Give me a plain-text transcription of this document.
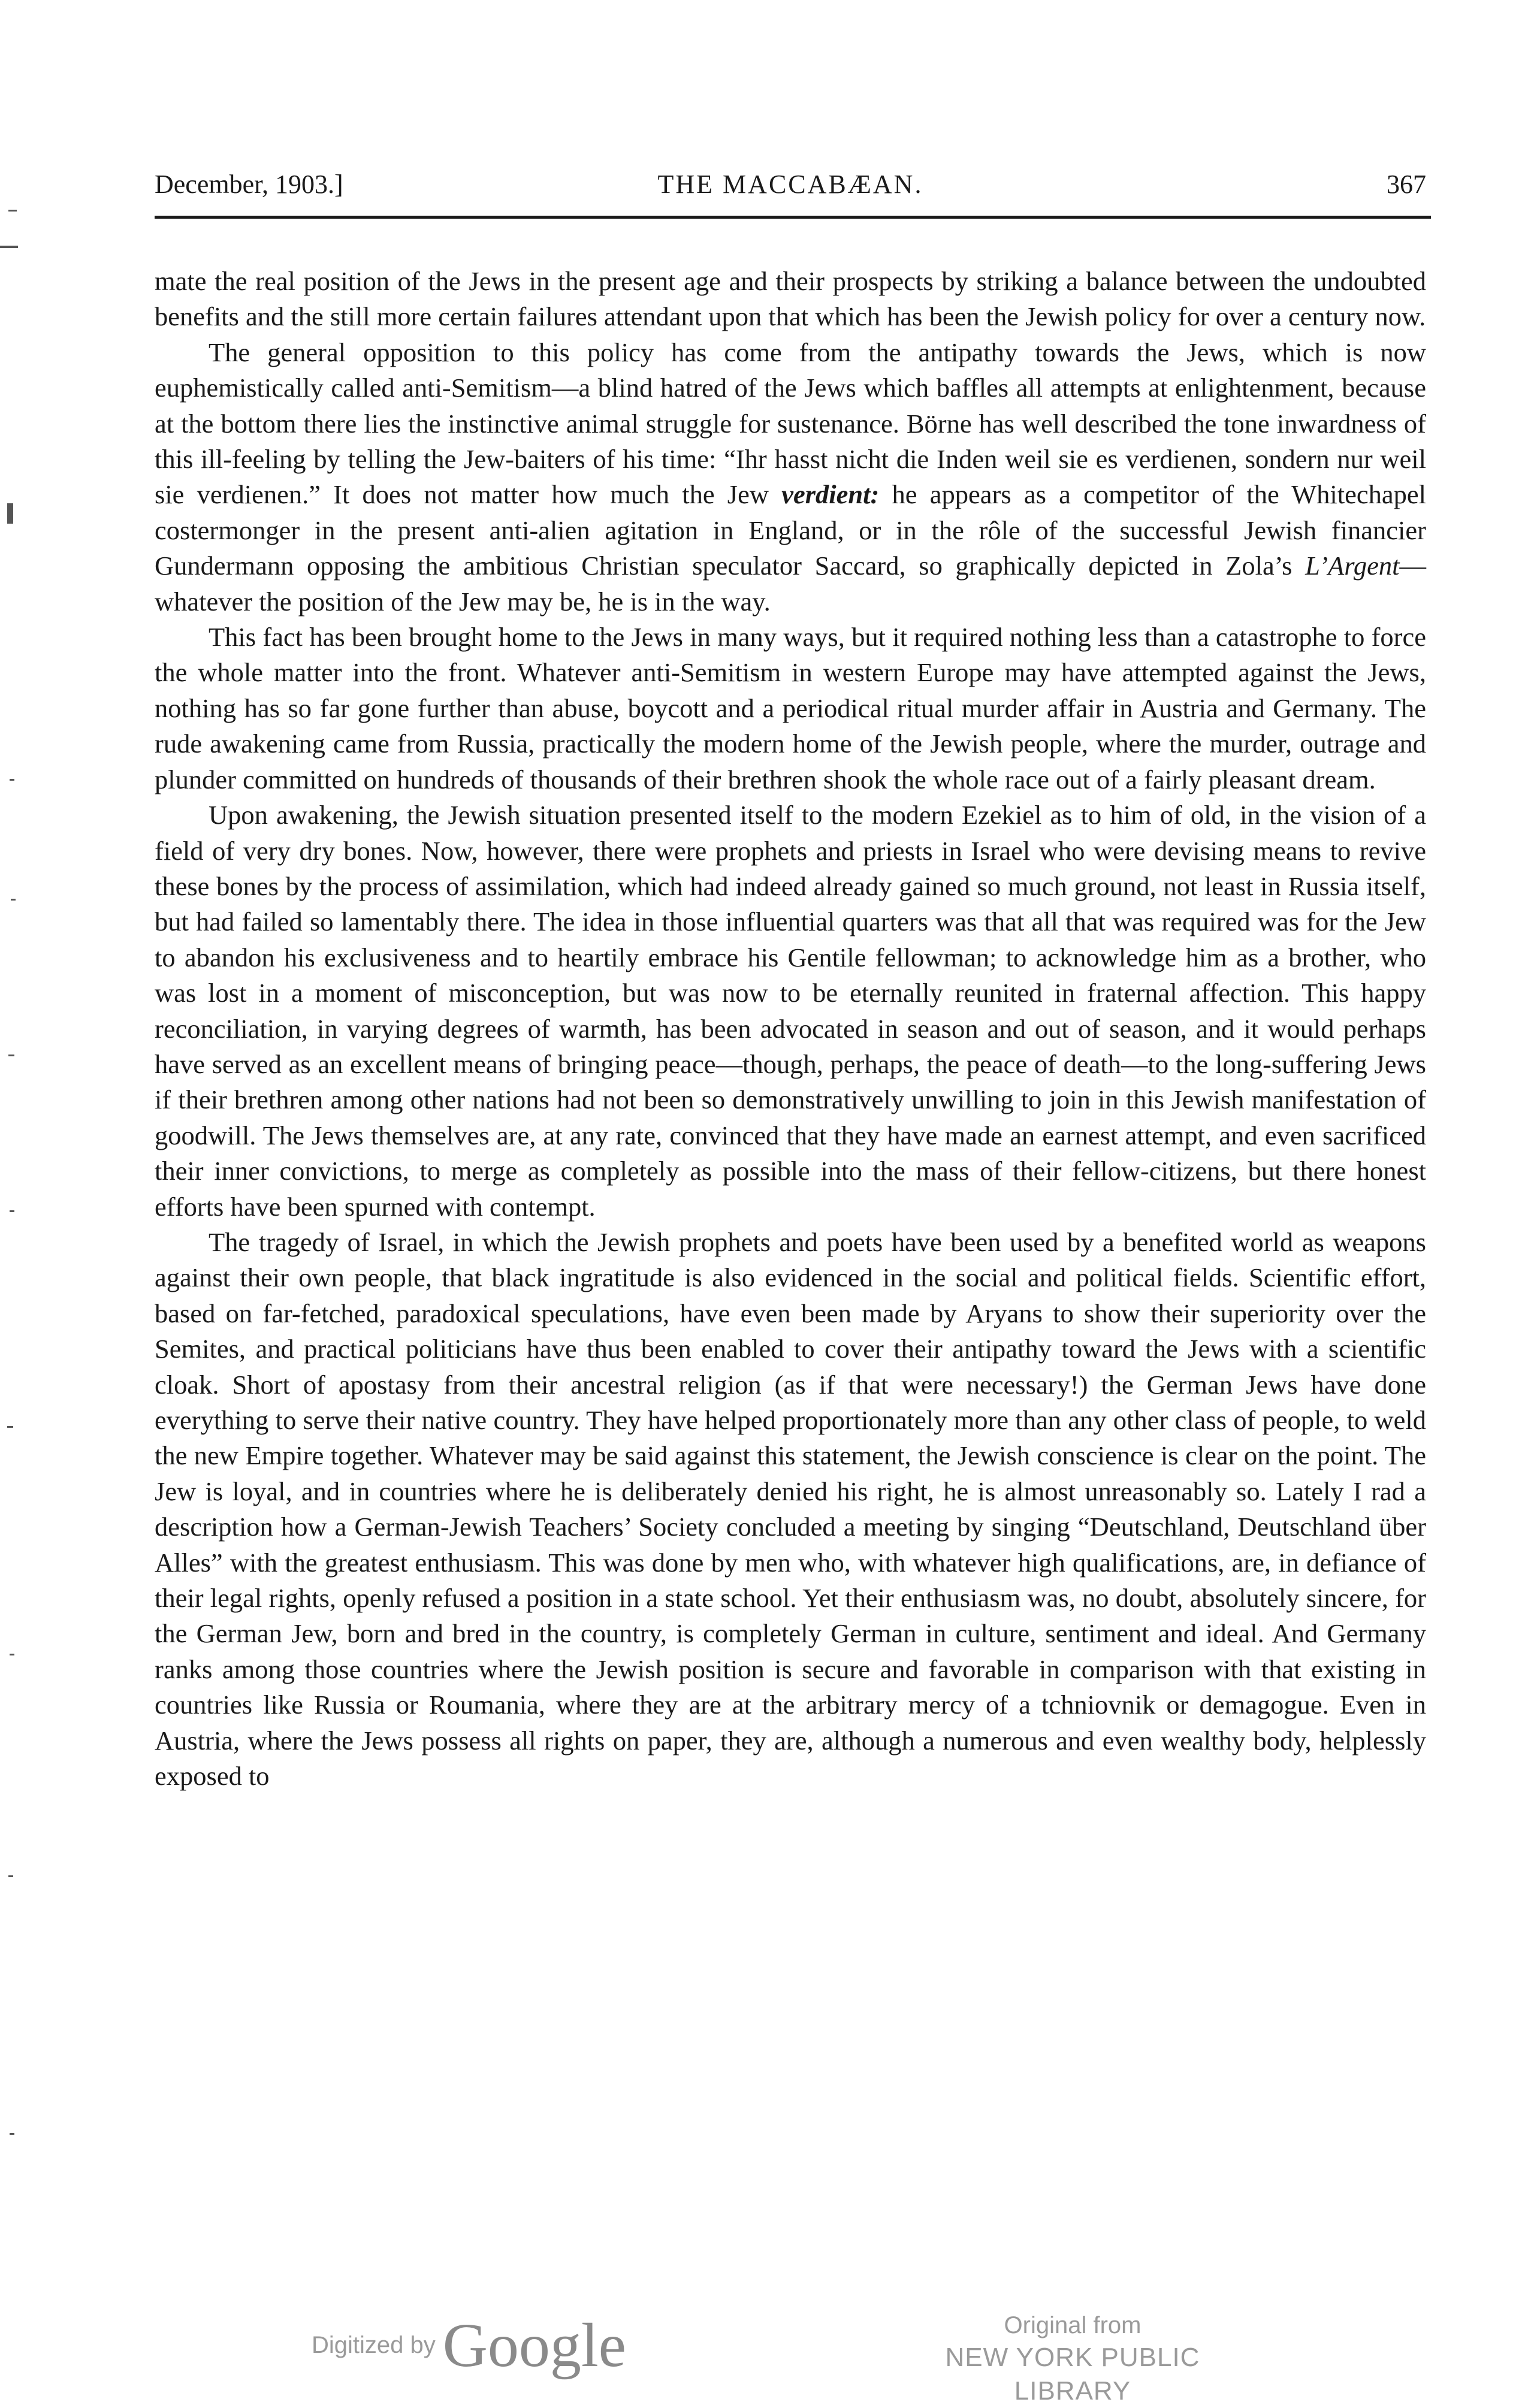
December, 1903.]	THE MACCABÆAN.	367

mate the real position of the Jews in the present age and their prospects by striking a balance between the undoubted benefits and the still more certain failures attendant upon that which has been the Jewish policy for over a century now.

The general opposition to this policy has come from the antipathy towards the Jews, which is now euphemistically called anti-Semitism—a blind hatred of the Jews which baffles all attempts at enlightenment, because at the bottom there lies the instinctive animal struggle for sustenance. Börne has well described the tone inwardness of this ill-feeling by telling the Jew-baiters of his time: “Ihr hasst nicht die Inden weil sie es verdienen, sondern nur weil sie verdienen.” It does not matter how much the Jew verdient: he appears as a competitor of the Whitechapel costermonger in the present anti-alien agitation in England, or in the rôle of the successful Jewish financier Gundermann opposing the ambitious Christian speculator Saccard, so graphically depicted in Zola’s L’Argent—whatever the position of the Jew may be, he is in the way.

This fact has been brought home to the Jews in many ways, but it required nothing less than a catastrophe to force the whole matter into the front. Whatever anti-Semitism in western Europe may have attempted against the Jews, nothing has so far gone further than abuse, boycott and a periodical ritual murder affair in Austria and Germany. The rude awakening came from Russia, practically the modern home of the Jewish people, where the murder, outrage and plunder committed on hundreds of thousands of their brethren shook the whole race out of a fairly pleasant dream.

Upon awakening, the Jewish situation presented itself to the modern Ezekiel as to him of old, in the vision of a field of very dry bones. Now, however, there were prophets and priests in Israel who were devising means to revive these bones by the process of assimilation, which had indeed already gained so much ground, not least in Russia itself, but had failed so lamentably there. The idea in those influential quarters was that all that was required was for the Jew to abandon his exclusiveness and to heartily embrace his Gentile fellowman; to acknowledge him as a brother, who was lost in a moment of misconception, but was now to be eternally reunited in fraternal affection. This happy reconciliation, in varying degrees of warmth, has been advocated in season and out of season, and it would perhaps have served as an excellent means of bringing peace—though, perhaps, the peace of death—to the long-suffering Jews if their brethren among other nations had not been so demonstratively unwilling to join in this Jewish manifestation of goodwill. The Jews themselves are, at any rate, convinced that they have made an earnest attempt, and even sacrificed their inner convictions, to merge as completely as possible into the mass of their fellow-citizens, but there honest efforts have been spurned with contempt.

The tragedy of Israel, in which the Jewish prophets and poets have been used by a benefited world as weapons against their own people, that black ingratitude is also evidenced in the social and political fields. Scientific effort, based on far-fetched, paradoxical speculations, have even been made by Aryans to show their superiority over the Semites, and practical politicians have thus been enabled to cover their antipathy toward the Jews with a scientific cloak. Short of apostasy from their ancestral religion (as if that were necessary!) the German Jews have done everything to serve their native country. They have helped proportionately more than any other class of people, to weld the new Empire together. Whatever may be said against this statement, the Jewish conscience is clear on the point. The Jew is loyal, and in countries where he is deliberately denied his right, he is almost unreasonably so. Lately I rad a description how a German-Jewish Teachers’ Society concluded a meeting by singing “Deutschland, Deutschland über Alles” with the greatest enthusiasm. This was done by men who, with whatever high qualifications, are, in defiance of their legal rights, openly refused a position in a state school. Yet their enthusiasm was, no doubt, absolutely sincere, for the German Jew, born and bred in the country, is completely German in culture, sentiment and ideal. And Germany ranks among those countries where the Jewish position is secure and favorable in comparison with that existing in countries like Russia or Roumania, where they are at the arbitrary mercy of a tchniovnik or demagogue. Even in Austria, where the Jews possess all rights on paper, they are, although a numerous and even wealthy body, helplessly exposed to

Digitized by Google	Original from
NEW YORK PUBLIC LIBRARY
